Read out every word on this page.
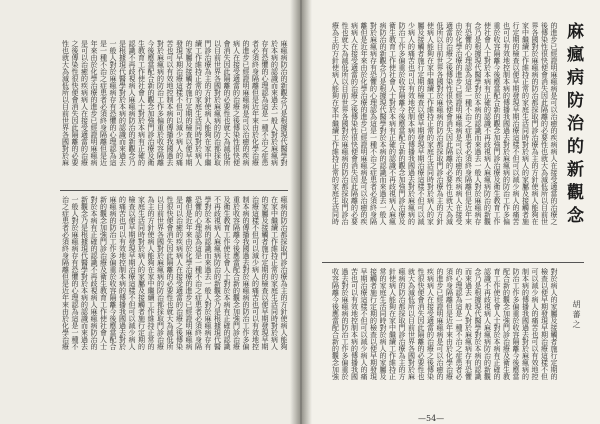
麻瘋病防治的新觀念乃是根據現代醫學對
於本病的認識而來過去一般人對於麻瘋病
存有恐懼的心理認為這是一種不治之症患
者必須終身隔離但是近年來由於化學治療
的進步已經證明麻瘋病是可以治癒的疾病
病人在接受適當的治療之後傳染性很快便
會消失因此隔離的必要性也就大為減低所
以目前世界各國對於麻瘋病的防治都採取
門診治療為主的方針使病人能夠在家中繼
續工作維持正常的家庭生活同時對於病人
的家屬及接觸者施行定期的檢查以便早期
發現早期治療這樣不但可以減少病人的痛
苦也可以有效地控制本病的傳播我國過去
對於麻瘋病的防治工作多偏重於收容隔離
今後應當配合新的觀念加強門診治療及衛
生教育工作使社會人士對於本病有正確的
認識不再歧視病人麻瘋病防治的新觀念乃
是根據現代醫學對於本病的認識而來過去
一般人對於麻瘋病存有恐懼的心理認為這
是一種不治之症患者必須終身隔離但是近
年來由於化學治療的進步已經證明麻瘋病
是可以治癒的疾病病人在接受適當的治療
之後傳染性很快便會消失因此隔離的必要
性也就大為減低所以目前世界各國對於麻
瘋病的防治都採取門診治療為主的方針使病人能夠
在家中繼續工作維持正常的家庭生活同時對於病人
的家屬及接觸者施行定期的檢查以便早期發現早期
治療這樣不但可以減少病人的痛苦也可以有效地控
制本病的傳播我國過去對於麻瘋病的防治工作多偏
重於收容隔離今後應當配合新的觀念加強門診治療
及衛生教育工作使社會人士對於本病有正確的認識
不再歧視病人麻瘋病防治的新觀念乃是根據現代醫
學對於本病的認識而來過去一般人對於麻瘋病存有
恐懼的心理認為這是一種不治之症患者必須終身隔
離但是近年來由於化學治療的進步已經證明麻瘋病
是可以治癒的疾病病人在接受適當的治療之後傳染
性很快便會消失因此隔離的必要性也就大為減低所
以目前世界各國對於麻瘋病的防治都採取門診治療
為主的方針使病人能夠在家中繼續工作維持正常的
家庭生活同時對於病人的家屬及接觸者施行定期的
檢查以便早期發現早期治療這樣不但可以減少病人
的痛苦也可以有效地控制本病的傳播我國過去對於
麻瘋病的防治工作多偏重於收容隔離今後應當配合
新的觀念加強門診治療及衛生教育工作使社會人士
對於本病有正確的認識不再歧視病人麻瘋病防治的
新觀念乃是根據現代醫學對於本病的認識而來過去
一般人對於麻瘋病存有恐懼的心理認為這是一種不
治之症患者必須終身隔離但是近年來由於化學治療
的進步已經證明麻瘋病是可以治癒的疾病病人在接受適當的治療之
後傳染性很快便會消失因此隔離的必要性也就大為減低所以目前世
界各國對於麻瘋病的防治都採取門診治療為主的方針使病人能夠在
家中繼續工作維持正常的家庭生活同時對於病人的家屬及接觸者施
行定期的檢查以便早期發現早期治療這樣不但可以減少病人的痛苦
也可以有效地控制本病的傳播我國過去對於麻瘋病的防治工作多偏
重於收容隔離今後應當配合新的觀念加強門診治療及衛生教育工作
使社會人士對於本病有正確的認識不再歧視病人麻瘋病防治的新觀
念乃是根據現代醫學對於本病的認識而來過去一般人對於麻瘋病存
有恐懼的心理認為這是一種不治之症患者必須終身隔離但是近年來
由於化學治療的進步已經證明麻瘋病是可以治癒的疾病病人在接受
適當的治療之後傳染性很快便會消失因此隔離的必要性也就大為減
低所以目前世界各國對於麻瘋病的防治都採取門診治療為主的方針
使病人能夠在家中繼續工作維持正常的家庭生活同時對於病人的家
屬及接觸者施行定期的檢查以便早期發現早期治療這樣不但可以減
少病人的痛苦也可以有效地控制本病的傳播我國過去對於麻瘋病的
防治工作多偏重於收容隔離今後應當配合新的觀念加強門診治療及
衛生教育工作使社會人士對於本病有正確的認識不再歧視病人麻瘋
病防治的新觀念乃是根據現代醫學對於本病的認識而來過去一般人
對於麻瘋病存有恐懼的心理認為這是一種不治之症患者必須終身隔
離但是近年來由於化學治療的進步已經證明麻瘋病是可以治癒的疾
病病人在接受適當的治療之後傳染性很快便會消失因此隔離的必要
性也就大為減低所以目前世界各國對於麻瘋病的防治都採取門診治
療為主的方針使病人能夠在家中繼續工作維持正常的家庭生活同時
對於病人的家屬及接觸者施行定期的
檢查以便早期發現早期治療這樣不但
可以減少病人的痛苦也可以有效地控
制本病的傳播我國過去對於麻瘋病的
防治工作多偏重於收容隔離今後應當
配合新的觀念加強門診治療及衛生教
育工作使社會人士對於本病有正確的
認識不再歧視病人麻瘋病防治的新觀
念乃是根據現代醫學對於本病的認識
而來過去一般人對於麻瘋病存有恐懼
的心理認為這是一種不治之症患者必
須終身隔離但是近年來由於化學治療
的進步已經證明麻瘋病是可以治癒的
疾病病人在接受適當的治療之後傳染
性很快便會消失因此隔離的必要性也
就大為減低所以目前世界各國對於麻
瘋病的防治都採取門診治療為主的方
針使病人能夠在家中繼續工作維持正
常的家庭生活同時對於病人的家屬及
接觸者施行定期的檢查以便早期發現
早期治療這樣不但可以減少病人的痛
苦也可以有效地控制本病的傳播我國
過去對於麻瘋病的防治工作多偏重於
收容隔離今後應當配合新的觀念加強
麻瘋病防治的新觀念
胡蕃之
—54—
